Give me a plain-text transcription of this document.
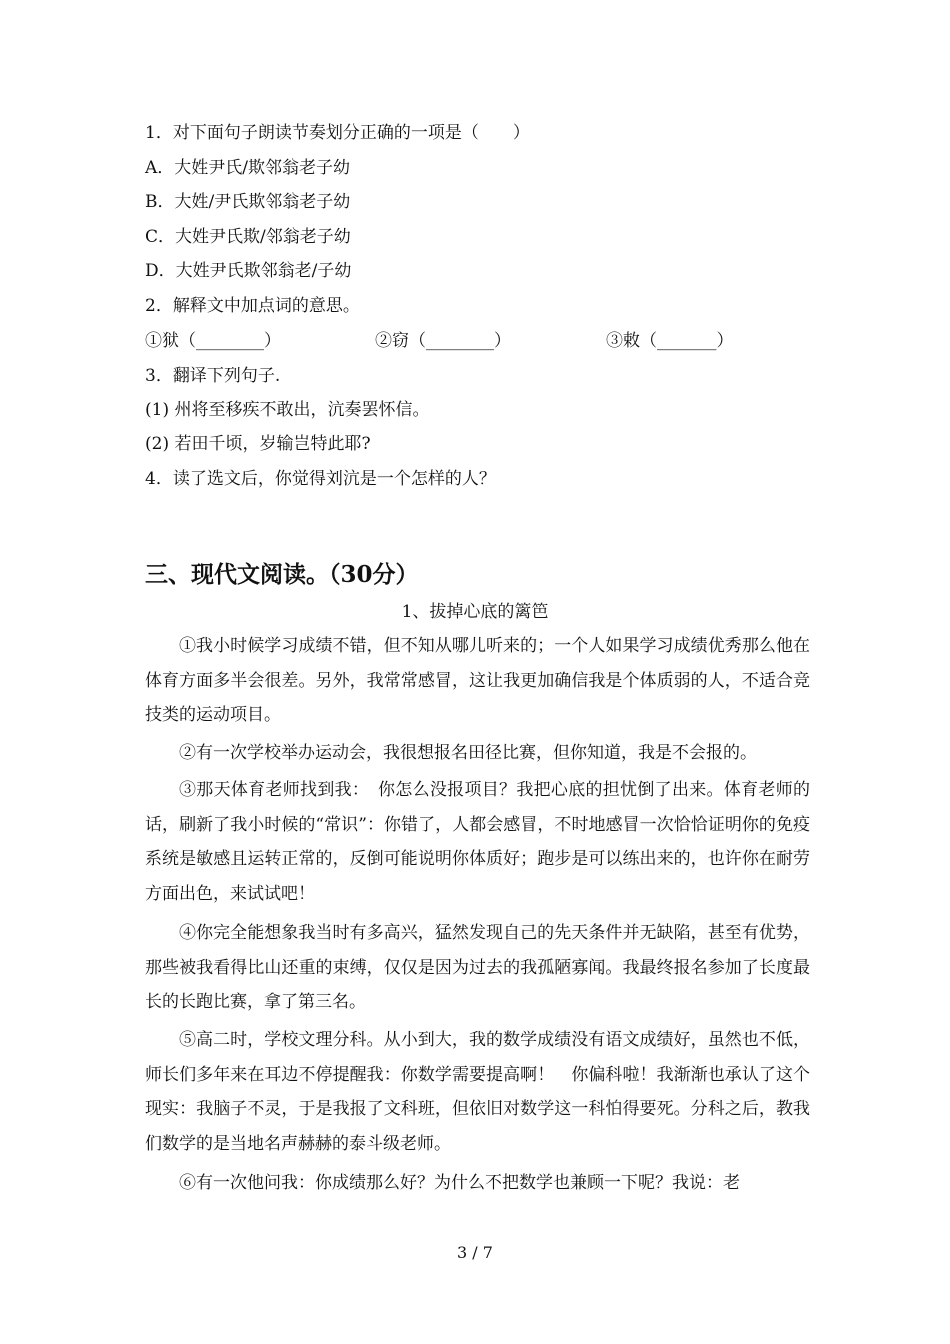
1．对下面句子朗读节奏划分正确的一项是（　　）
A．大姓尹氏/欺邻翁老子幼
B．大姓/尹氏欺邻翁老子幼
C．大姓尹氏欺/邻翁老子幼
D．大姓尹氏欺邻翁老/子幼
2．解释文中加点词的意思。
①狱（________）	②窃（________）	③敕（_______）
3．翻译下列句子.
(1) 州将至移疾不敢出，沆奏罢怀信。
(2) 若田千顷，岁输岂特此耶?
4．读了选文后，你觉得刘沆是一个怎样的人？
三、现代文阅读。（30分）
1、拔掉心底的篱笆

①我小时候学习成绩不错，但不知从哪儿听来的；一个人如果学习成绩优秀那么他在体育方面多半会很差。另外，我常常感冒，这让我更加确信我是个体质弱的人，不适合竞技类的运动项目。

②有一次学校举办运动会，我很想报名田径比赛，但你知道，我是不会报的。

③那天体育老师找到我：　你怎么没报项目？我把心底的担忧倒了出来。体育老师的话，刷新了我小时候的“常识”：你错了，人都会感冒，不时地感冒一次恰恰证明你的免疫系统是敏感且运转正常的，反倒可能说明你体质好；跑步是可以练出来的，也许你在耐劳方面出色，来试试吧！

④你完全能想象我当时有多高兴，猛然发现自己的先天条件并无缺陷，甚至有优势，那些被我看得比山还重的束缚，仅仅是因为过去的我孤陋寡闻。我最终报名参加了长度最长的长跑比赛，拿了第三名。

⑤高二时，学校文理分科。从小到大，我的数学成绩没有语文成绩好，虽然也不低，师长们多年来在耳边不停提醒我：你数学需要提高啊！　你偏科啦！我渐渐也承认了这个现实：我脑子不灵，于是我报了文科班，但依旧对数学这一科怕得要死。分科之后，教我们数学的是当地名声赫赫的泰斗级老师。

⑥有一次他问我：你成绩那么好？为什么不把数学也兼顾一下呢？我说：老

3 / 7
